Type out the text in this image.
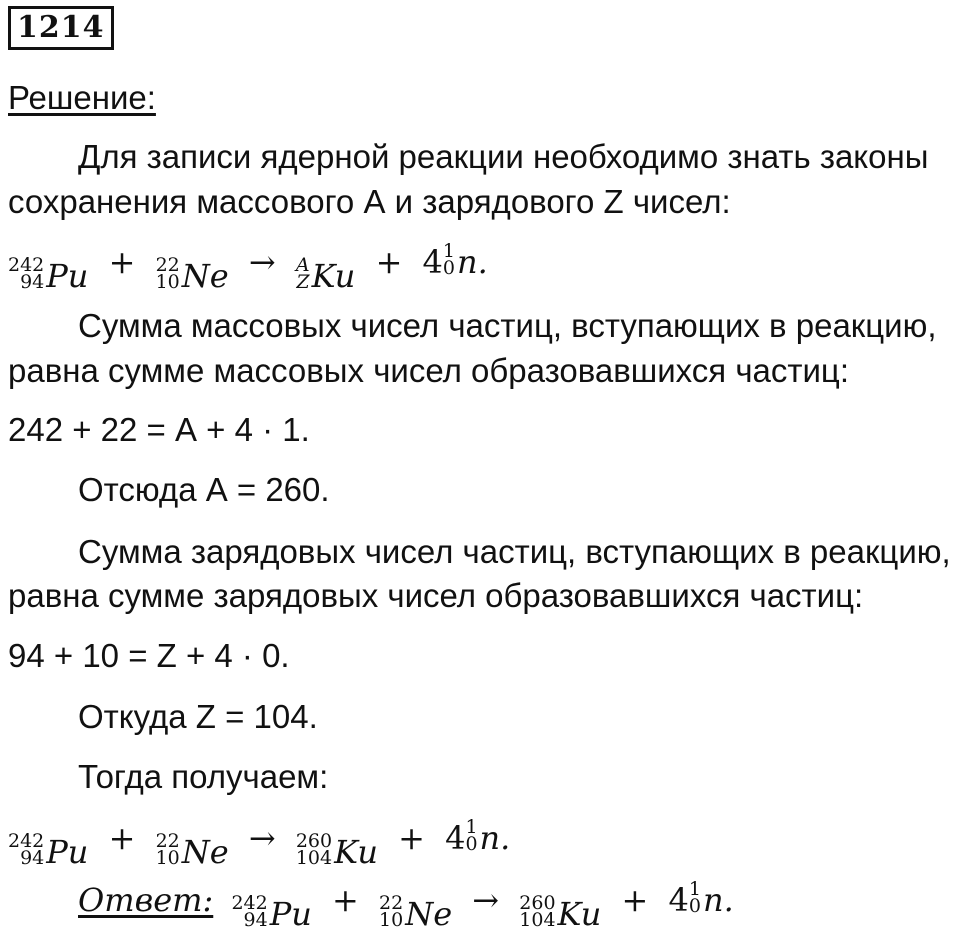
1214
Решение:
Для записи ядерной реакции необходимо знать законы
сохранения массового А и зарядового Z чисел:
242
94 Pu + 22
10 Ne → A
Z Ku + 4 1
0 n.
Сумма массовых чисел частиц, вступающих в реакцию,
равна сумме массовых чисел образовавшихся частиц:
242 + 22 = А + 4 · 1.
Отсюда А = 260.
Сумма зарядовых чисел частиц, вступающих в реакцию,
равна сумме зарядовых чисел образовавшихся частиц:
94 + 10 = Z + 4 · 0.
Откуда Z = 104.
Тогда получаем:
242
94 Pu + 22
10 Ne → 260
104 Ku + 4 1
0 n.
Ответ: 242
94 Pu + 22
10 Ne → 260
104 Ku + 4 1
0 n.
